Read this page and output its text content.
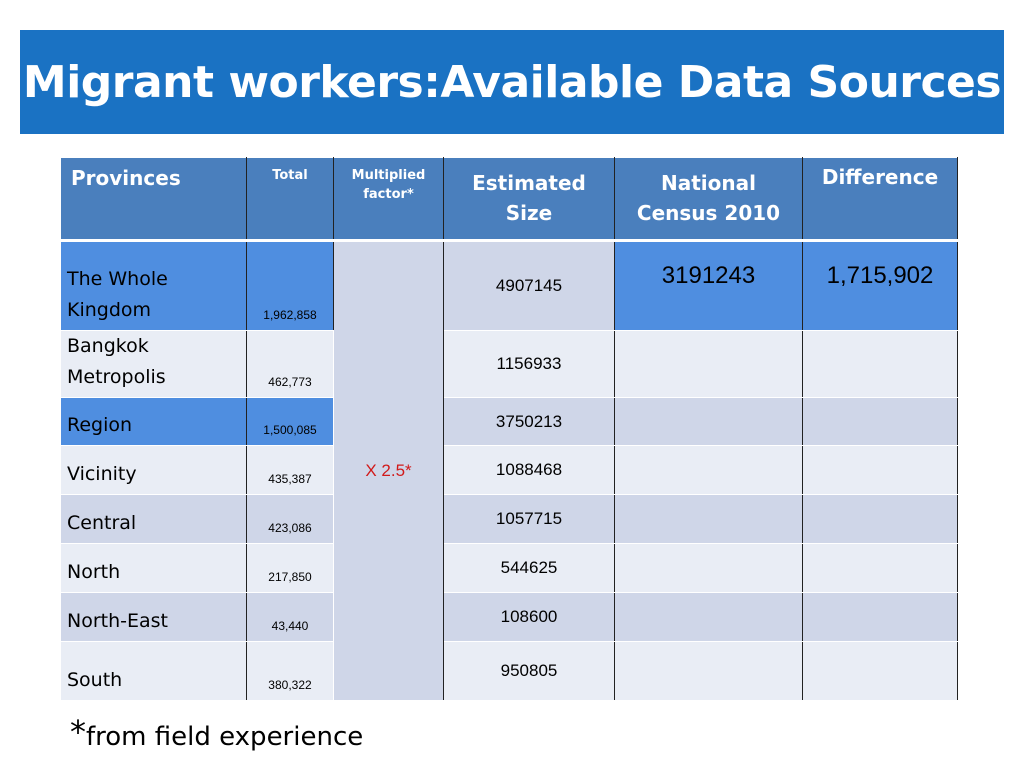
Migrant workers:Available Data Sources
Provinces	Total	Multiplied factor*	Estimated Size	National Census 2010	Difference
The Whole Kingdom	1,962,858	X 2.5*	4907145	3191243	1,715,902
Bangkok Metropolis	462,773		1156933		
Region	1,500,085		3750213		
Vicinity	435,387		1088468		
Central	423,086		1057715		
North	217,850		544625		
North-East	43,440		108600		
South	380,322		950805		
*from field experience
